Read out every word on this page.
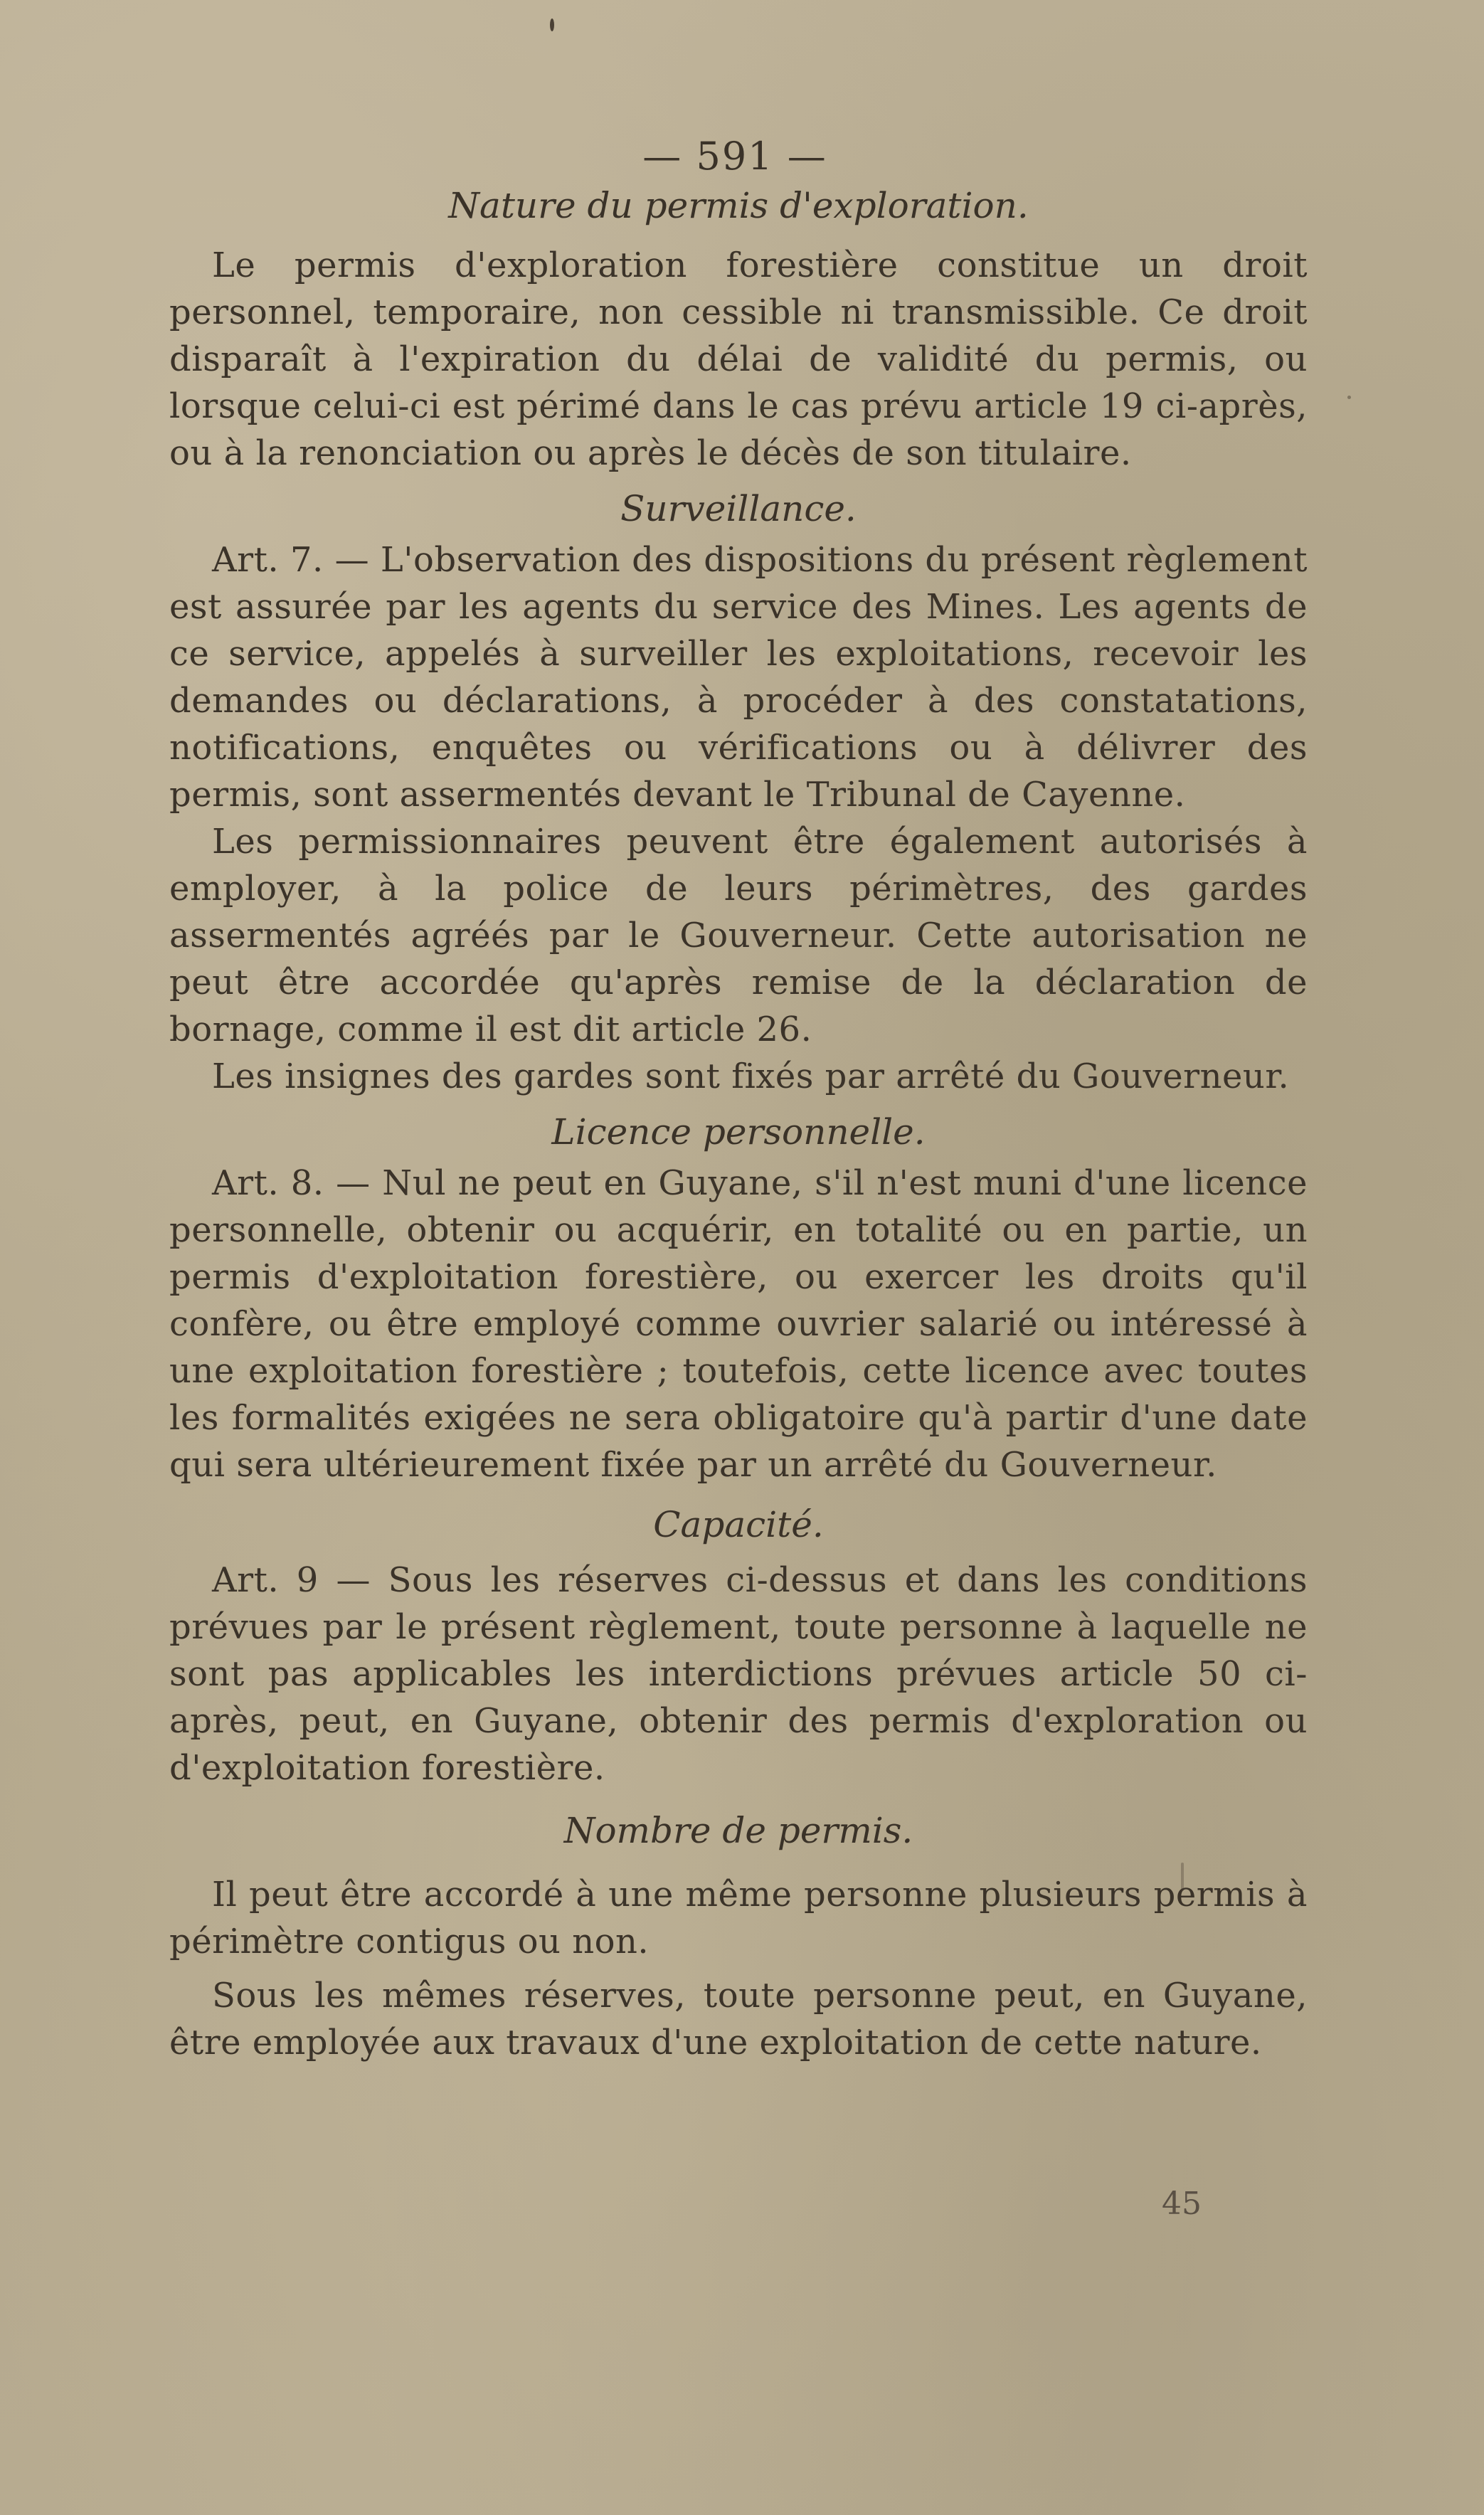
— 591 —
Nature du permis d'exploration.

Le permis d'exploration forestière constitue un droit personnel, temporaire, non cessible ni transmissible. Ce droit disparaît à l'expiration du délai de validité du permis, ou lorsque celui-ci est périmé dans le cas prévu article 19 ci-après, ou à la renonciation ou après le décès de son titulaire.

Surveillance.

Art. 7. — L'observation des dispositions du présent règlement est assurée par les agents du service des Mines. Les agents de ce service, appelés à surveiller les exploitations, recevoir les demandes ou déclarations, à procéder à des constatations, notifications, enquêtes ou vérifications ou à délivrer des permis, sont assermentés devant le Tribunal de Cayenne.

Les permissionnaires peuvent être également autorisés à employer, à la police de leurs périmètres, des gardes assermentés agréés par le Gouverneur. Cette autorisation ne peut être accordée qu'après remise de la déclaration de bornage, comme il est dit article 26.

Les insignes des gardes sont fixés par arrêté du Gouverneur.

Licence personnelle.

Art. 8. — Nul ne peut en Guyane, s'il n'est muni d'une licence personnelle, obtenir ou acquérir, en totalité ou en partie, un permis d'exploitation forestière, ou exercer les droits qu'il confère, ou être employé comme ouvrier salarié ou intéressé à une exploitation forestière ; toutefois, cette licence avec toutes les formalités exigées ne sera obligatoire qu'à partir d'une date qui sera ultérieurement fixée par un arrêté du Gouverneur.

Capacité.

Art. 9 — Sous les réserves ci-dessus et dans les conditions prévues par le présent règlement, toute personne à laquelle ne sont pas applicables les interdictions prévues article 50 ci-après, peut, en Guyane, obtenir des permis d'exploration ou d'exploitation forestière.

Nombre de permis.

Il peut être accordé à une même personne plusieurs permis à périmètre contigus ou non.

Sous les mêmes réserves, toute personne peut, en Guyane, être employée aux travaux d'une exploitation de cette nature.

45
